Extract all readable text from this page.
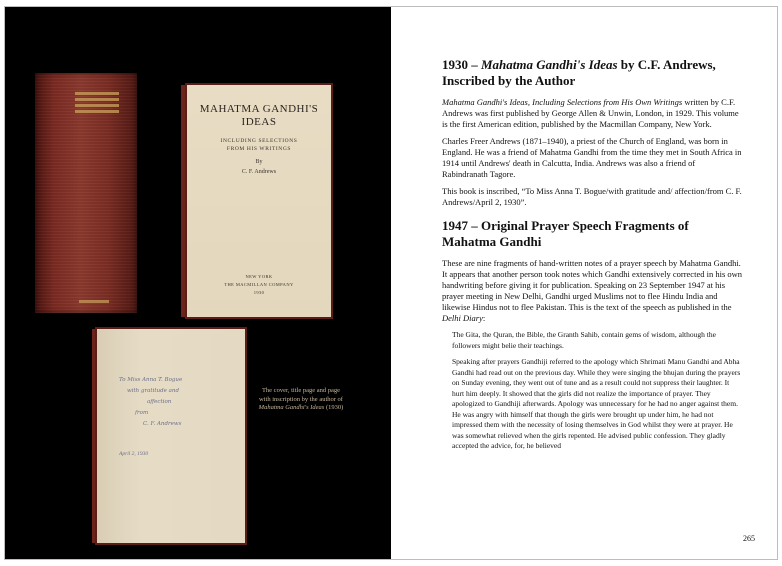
MAHATMA GANDHI'S
IDEAS
INCLUDING SELECTIONS
FROM HIS WRITINGS
By
C. F. Andrews
NEW YORK
THE MACMILLAN COMPANY
1930
To Miss Anna T. Bogue
with gratitude and
affection
from
C. F. Andrews
April 2, 1930
The cover, title page and page with inscription by the author of Mahatma Gandhi's Ideas (1930)
1930 – Mahatma Gandhi's Ideas by C.F. Andrews, Inscribed by the Author

Mahatma Gandhi's Ideas, Including Selections from His Own Writings written by C.F. Andrews was first published by George Allen & Unwin, London, in 1929. This volume is the first American edition, published by the Macmillan Company, New York.

Charles Freer Andrews (1871–1940), a priest of the Church of England, was born in England. He was a friend of Mahatma Gandhi from the time they met in South Africa in 1914 until Andrews' death in Calcutta, India. Andrews was also a friend of Rabindranath Tagore.

This book is inscribed, “To Miss Anna T. Bogue/with gratitude and/ affection/from C. F. Andrews/April 2, 1930”.

1947 – Original Prayer Speech Fragments of Mahatma Gandhi

These are nine fragments of hand-written notes of a prayer speech by Mahatma Gandhi. It appears that another person took notes which Gandhi extensively corrected in his own handwriting before giving it for publication. Speaking on 23 September 1947 at his prayer meeting in New Delhi, Gandhi urged Muslims not to flee Hindu India and likewise Hindus not to flee Pakistan. This is the text of the speech as published in the Delhi Diary:

The Gita, the Quran, the Bible, the Granth Sahib, contain gems of wisdom, although the followers might belie their teachings.
Speaking after prayers Gandhiji referred to the apology which Shrimati Manu Gandhi and Abha Gandhi had read out on the previous day. While they were singing the bhujan during the prayers on Sunday evening, they went out of tune and as a result could not suppress their laughter. It hurt him deeply. It showed that the girls did not realize the importance of prayer. They apologized to Gandhiji afterwards. Apology was unnecessary for he had no anger against them. He was angry with himself that though the girls were brought up under him, he had not impressed them with the necessity of losing themselves in God whilst they were at prayer. He was somewhat relieved when the girls repented. He advised public confession. They gladly accepted the advice, for, he believed
265
